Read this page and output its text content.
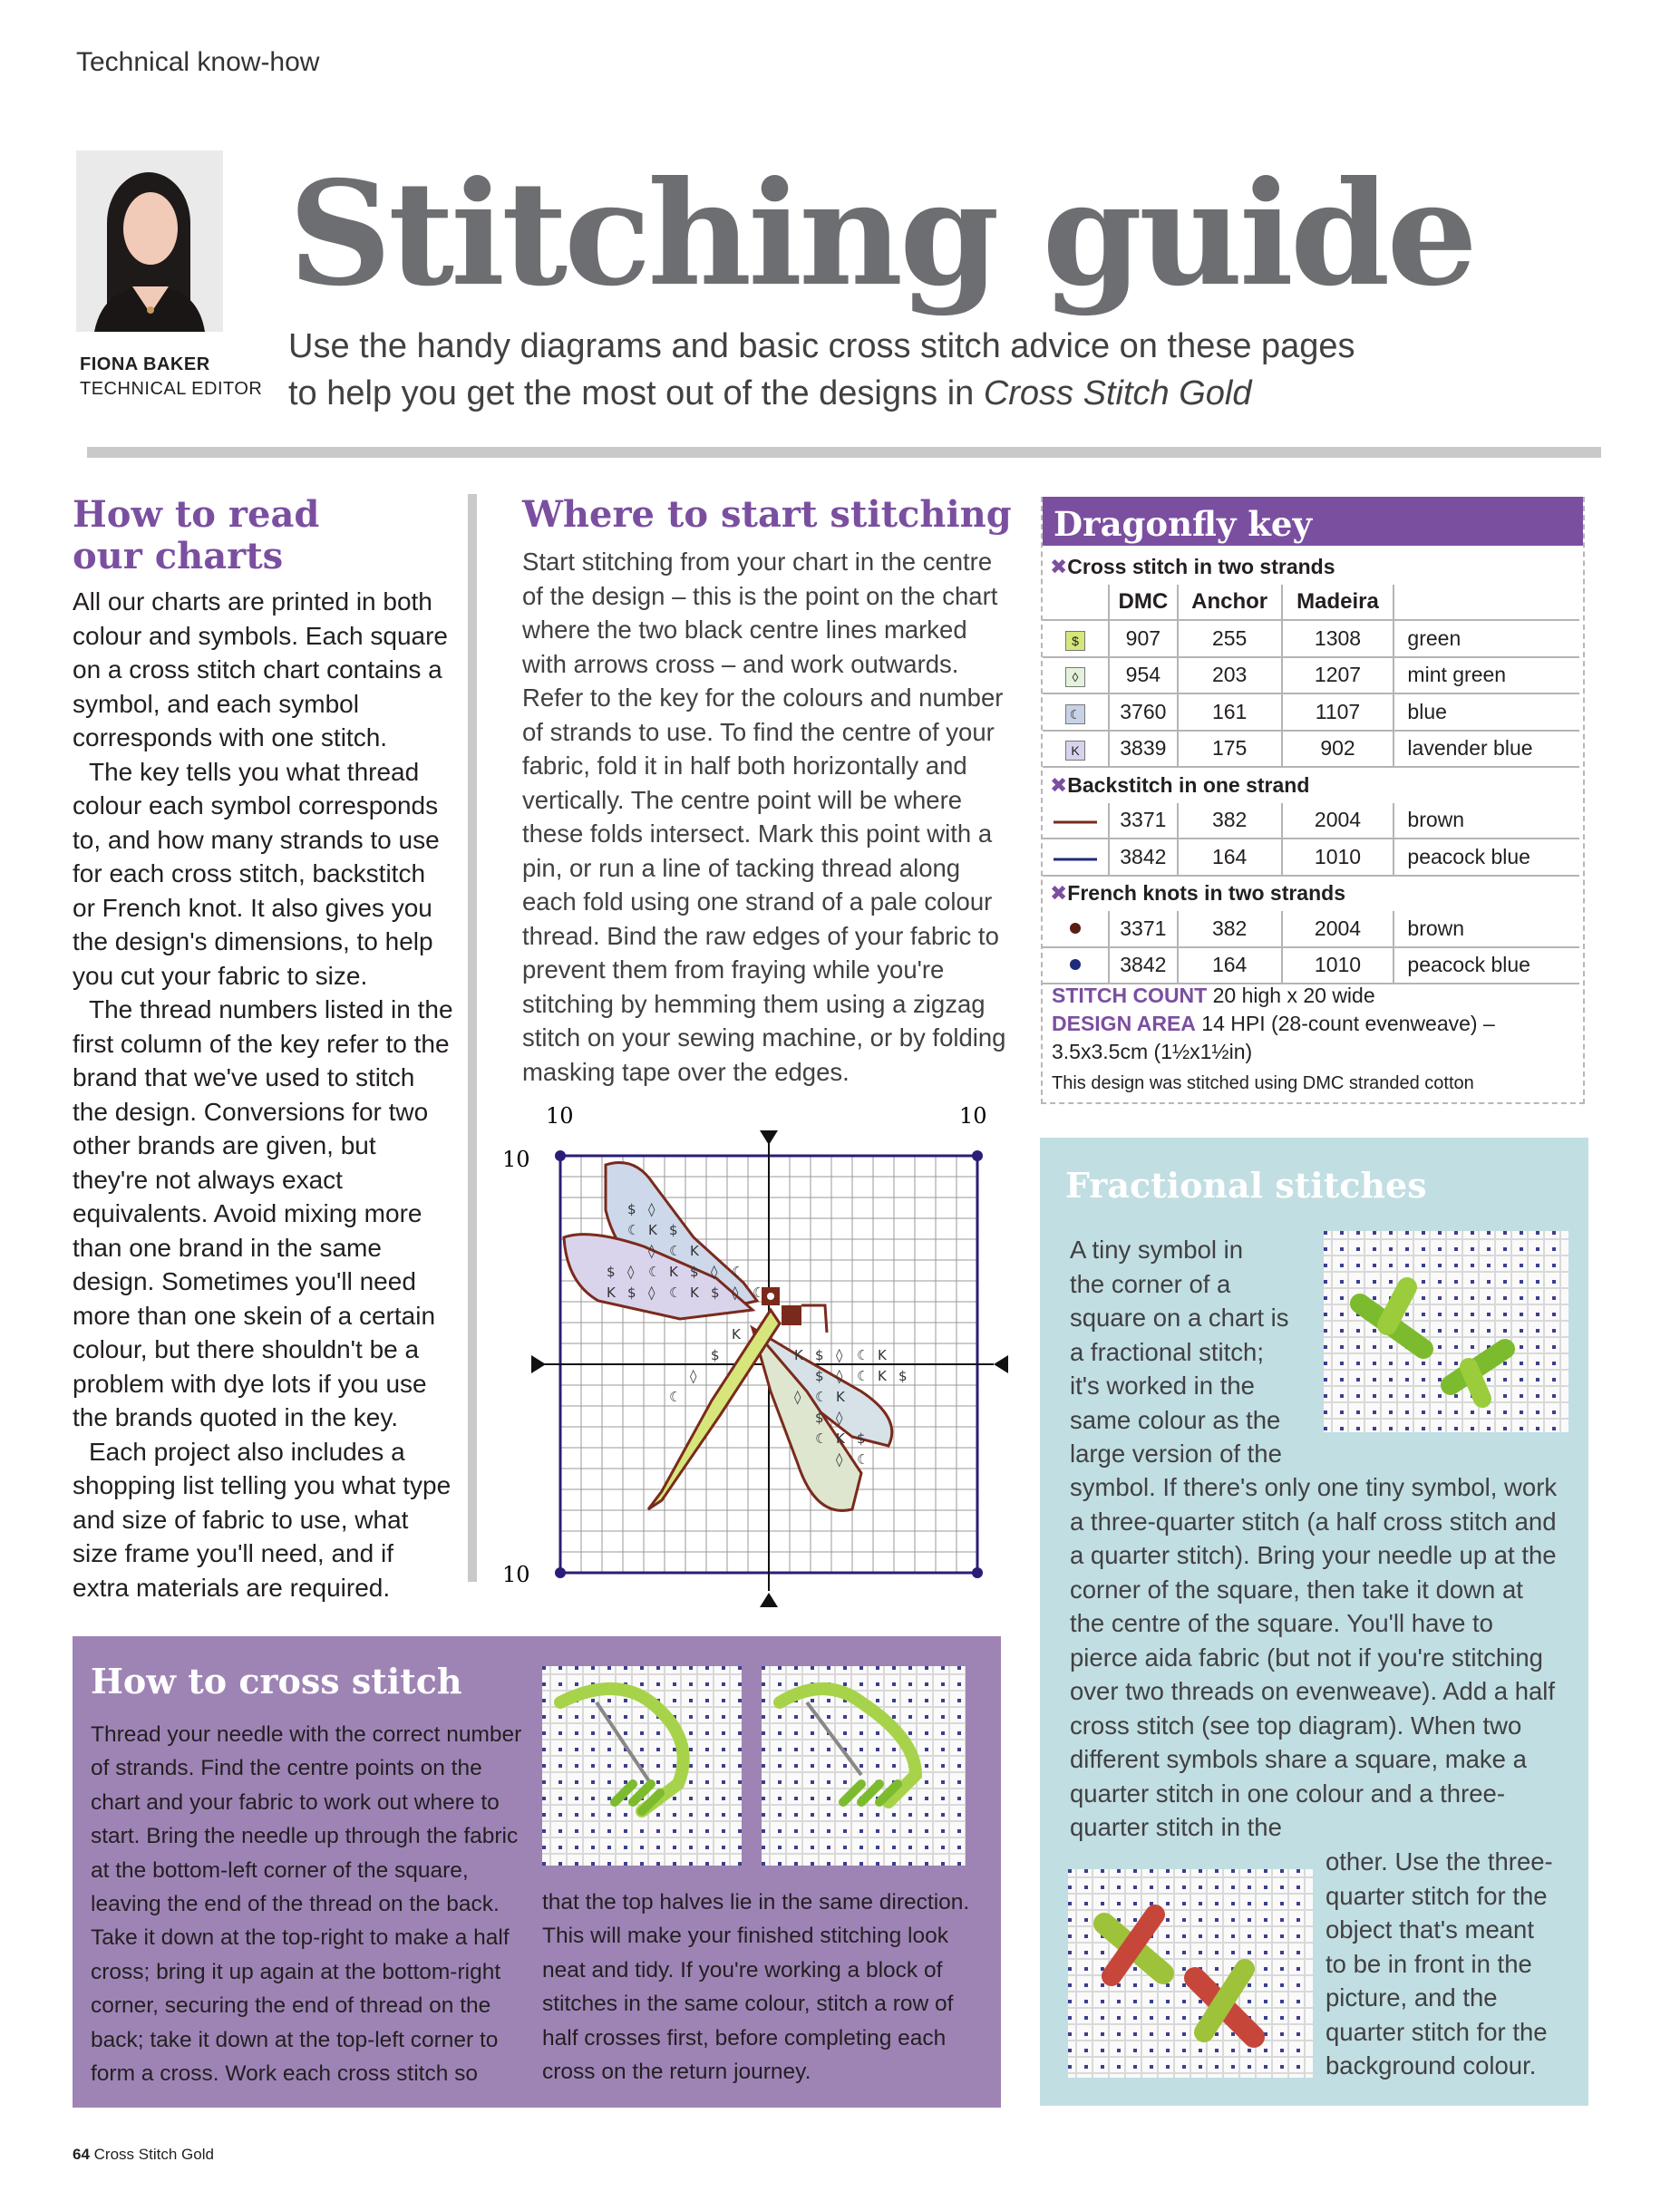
Technical know-how
FIONA BAKER
TECHNICAL EDITOR
Stitching guide
Use the handy diagrams and basic cross stitch advice on these pages
to help you get the most out of the designs in Cross Stitch Gold
How to read
our charts

All our charts are printed in both colour and symbols. Each square on a cross stitch chart contains a symbol, and each symbol corresponds with one stitch.

The key tells you what thread colour each symbol corresponds to, and how many strands to use for each cross stitch, backstitch or French knot. It also gives you the design's dimensions, to help you cut your fabric to size.

The thread numbers listed in the first column of the key refer to the brand that we've used to stitch the design. Conversions for two other brands are given, but they're not always exact equivalents. Avoid mixing more than one brand in the same design. Sometimes you'll need more than one skein of a certain colour, but there shouldn't be a problem with dye lots if you use the brands quoted in the key.

Each project also includes a shopping list telling you what type and size of fabric to use, what size frame you'll need, and if extra materials are required.

Where to start stitching
Start stitching from your chart in the centre of the design – this is the point on the chart where the two black centre lines marked with arrows cross – and work outwards. Refer to the key for the colours and number of strands to use. To find the centre of your fabric, fold it in half both horizontally and vertically. The centre point will be where these folds intersect. Mark this point with a pin, or run a line of tacking thread along each fold using one strand of a pale colour thread. Bind the raw edges of your fabric to prevent them from fraying while you're stitching by hemming them using a zigzag stitch on your sewing machine, or by folding masking tape over the edges.
10	10
10
10
$ ◊
☾ K $
◊ ☾ K
$ ◊ ☾ K $ ◊ ☾
K $ ◊ ☾ K $ ◊ ☾
K $ ◊ ☾ K
$ ◊ ☾ K $
◊ ☾ K
$ ◊
☾ K $
◊ ☾
K
$
◊
☾
Dragonfly key
✖Cross stitch in two strands				
	DMC	Anchor	Madeira	
$	907	255	1308	green
◊	954	203	1207	mint green
☾	3760	161	1107	blue
K	3839	175	902	lavender blue
✖Backstitch in one strand				
	3371	382	2004	brown
	3842	164	1010	peacock blue
✖French knots in two strands				
	3371	382	2004	brown
	3842	164	1010	peacock blue
STITCH COUNT 20 high x 20 wide
DESIGN AREA 14 HPI (28-count evenweave) – 3.5x3.5cm (1½x1½in)
This design was stitched using DMC stranded cotton
Fractional stitches
A tiny symbol in
the corner of a
square on a chart is
a fractional stitch;
it's worked in the
same colour as the
large version of the
symbol. If there's only one tiny symbol, work a three-quarter stitch (a half cross stitch and a quarter stitch). Bring your needle up at the corner of the square, then take it down at the centre of the square. You'll have to pierce aida fabric (but not if you're stitching over two threads on evenweave). Add a half cross stitch (see top diagram). When two different symbols share a square, make a quarter stitch in one colour and a three-quarter stitch in the
other. Use the three-
quarter stitch for the
object that's meant
to be in front in the
picture, and the
quarter stitch for the
background colour.
How to cross stitch
Thread your needle with the correct number of strands. Find the centre points on the chart and your fabric to work out where to start. Bring the needle up through the fabric at the bottom-left corner of the square, leaving the end of the thread on the back. Take it down at the top-right to make a half cross; bring it up again at the bottom-right corner, securing the end of thread on the back; take it down at the top-left corner to form a cross. Work each cross stitch so
that the top halves lie in the same direction. This will make your finished stitching look neat and tidy. If you're working a block of stitches in the same colour, stitch a row of half crosses first, before completing each cross on the return journey.
64 Cross Stitch Gold
